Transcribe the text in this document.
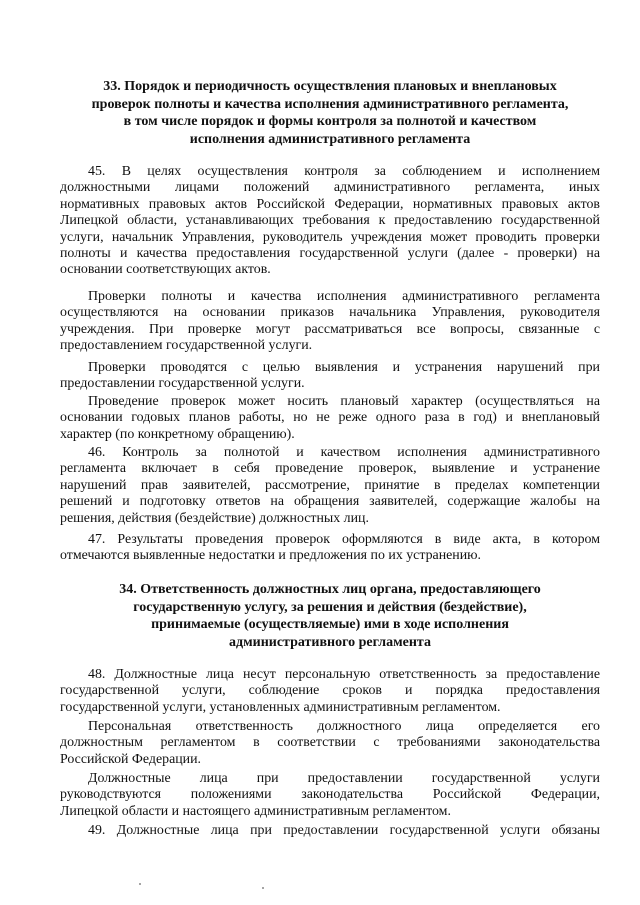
33. Порядок и периодичность осуществления плановых и внеплановых
проверок полноты и качества исполнения административного регламента,
в том числе порядок и формы контроля за полнотой и качеством
исполнения административного регламента
45. В целях осуществления контроля за соблюдением и исполнением
должностными лицами положений административного регламента, иных
нормативных правовых актов Российской Федерации, нормативных правовых актов
Липецкой области, устанавливающих требования к предоставлению государственной
услуги, начальник Управления, руководитель учреждения может проводить проверки
полноты и качества предоставления государственной услуги (далее - проверки) на
основании соответствующих актов.
Проверки полноты и качества исполнения административного регламента
осуществляются на основании приказов начальника Управления, руководителя
учреждения. При проверке могут рассматриваться все вопросы, связанные с
предоставлением государственной услуги.
Проверки проводятся с целью выявления и устранения нарушений при
предоставлении государственной услуги.
Проведение проверок может носить плановый характер (осуществляться на
основании годовых планов работы, но не реже одного раза в год) и внеплановый
характер (по конкретному обращению).
46. Контроль за полнотой и качеством исполнения административного
регламента включает в себя проведение проверок, выявление и устранение
нарушений прав заявителей, рассмотрение, принятие в пределах компетенции
решений и подготовку ответов на обращения заявителей, содержащие жалобы на
решения, действия (бездействие) должностных лиц.
47. Результаты проведения проверок оформляются в виде акта, в котором
отмечаются выявленные недостатки и предложения по их устранению.
34. Ответственность должностных лиц органа, предоставляющего
государственную услугу, за решения и действия (бездействие),
принимаемые (осуществляемые) ими в ходе исполнения
административного регламента
48. Должностные лица несут персональную ответственность за предоставление
государственной услуги, соблюдение сроков и порядка предоставления
государственной услуги, установленных административным регламентом.
Персональная ответственность должностного лица определяется его
должностным регламентом в соответствии с требованиями законодательства
Российской Федерации.
Должностные лица при предоставлении государственной услуги
руководствуются положениями законодательства Российской Федерации,
Липецкой области и настоящего административным регламентом.
49. Должностные лица при предоставлении государственной услуги обязаны
